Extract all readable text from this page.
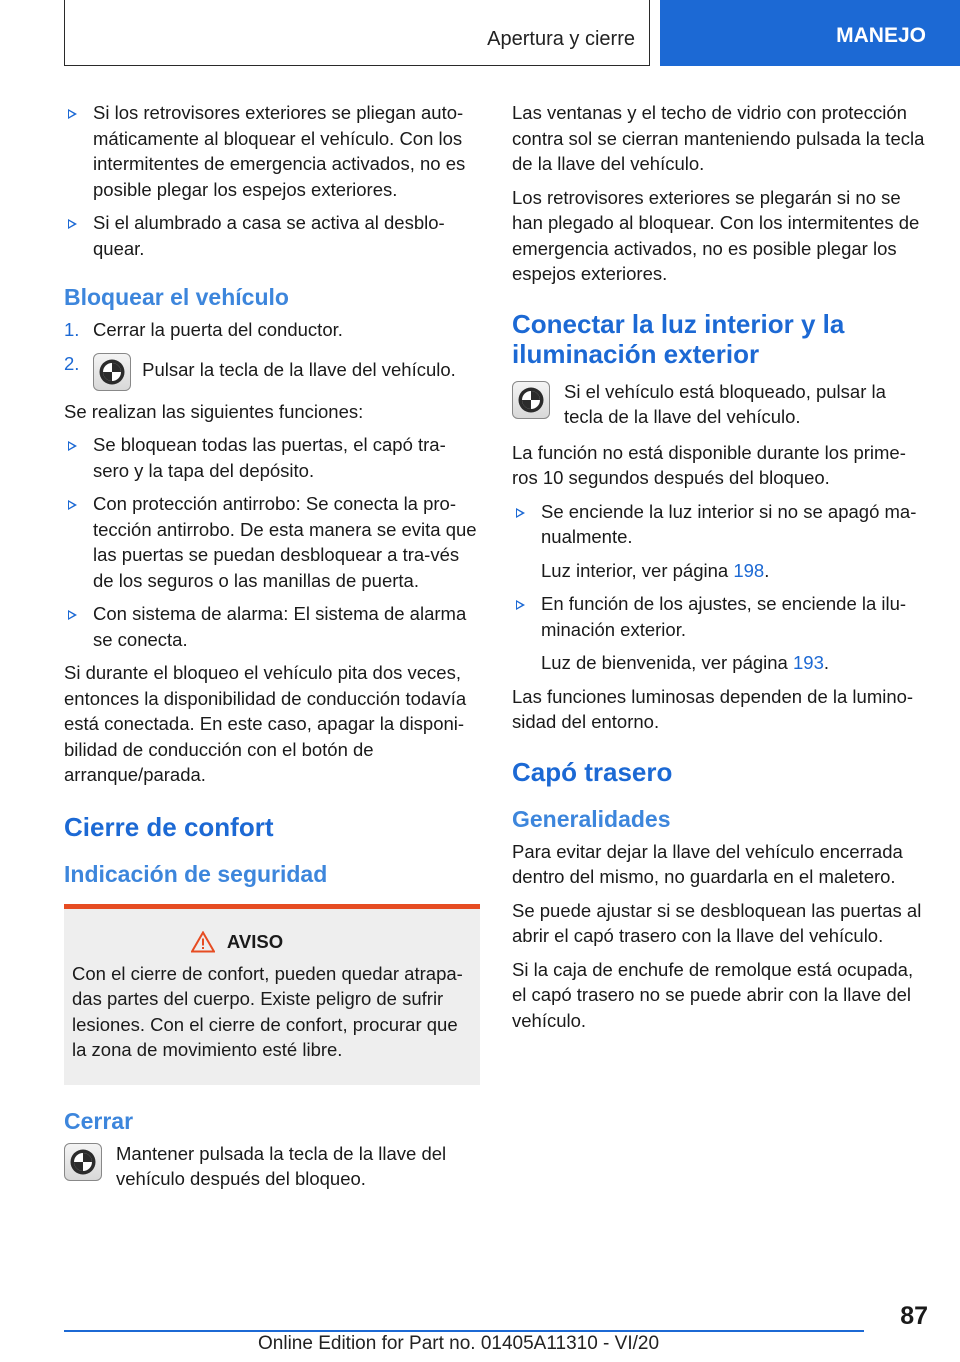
Apertura y cierre	MANEJO
Si los retrovisores exteriores se pliegan auto-máticamente al bloquear el vehículo. Con los intermitentes de emergencia activados, no es posible plegar los espejos exteriores.
Si el alumbrado a casa se activa al desblo-quear.
Bloquear el vehículo
1. Cerrar la puerta del conductor.
2.	Pulsar la tecla de la llave del vehículo.

Se realizan las siguientes funciones:

Se bloquean todas las puertas, el capó tra-sero y la tapa del depósito.
Con protección antirrobo: Se conecta la pro-tección antirrobo. De esta manera se evita que las puertas se puedan desbloquear a tra-vés de los seguros o las manillas de puerta.
Con sistema de alarma: El sistema de alarma se conecta.

Si durante el bloqueo el vehículo pita dos veces, entonces la disponibilidad de conducción todavía está conectada. En este caso, apagar la disponi-bilidad de conducción con el botón de arranque/parada.

Cierre de confort
Indicación de seguridad
AVISO

Con el cierre de confort, pueden quedar atrapa-das partes del cuerpo. Existe peligro de sufrir lesiones. Con el cierre de confort, procurar que la zona de movimiento esté libre.

Cerrar

Mantener pulsada la tecla de la llave del vehículo después del bloqueo.

Las ventanas y el techo de vidrio con protección contra sol se cierran manteniendo pulsada la tecla de la llave del vehículo.

Los retrovisores exteriores se plegarán si no se han plegado al bloquear. Con los intermitentes de emergencia activados, no es posible plegar los espejos exteriores.

Conectar la luz interior y la iluminación exterior

Si el vehículo está bloqueado, pulsar la tecla de la llave del vehículo.

La función no está disponible durante los prime-ros 10 segundos después del bloqueo.

Se enciende la luz interior si no se apagó ma-nualmente.

Luz interior, ver página 198.

En función de los ajustes, se enciende la ilu-minación exterior.

Luz de bienvenida, ver página 193.

Las funciones luminosas dependen de la lumino-sidad del entorno.

Capó trasero
Generalidades

Para evitar dejar la llave del vehículo encerrada dentro del mismo, no guardarla en el maletero.

Se puede ajustar si se desbloquean las puertas al abrir el capó trasero con la llave del vehículo.

Si la caja de enchufe de remolque está ocupada, el capó trasero no se puede abrir con la llave del vehículo.

87
Online Edition for Part no. 01405A11310 - VI/20
